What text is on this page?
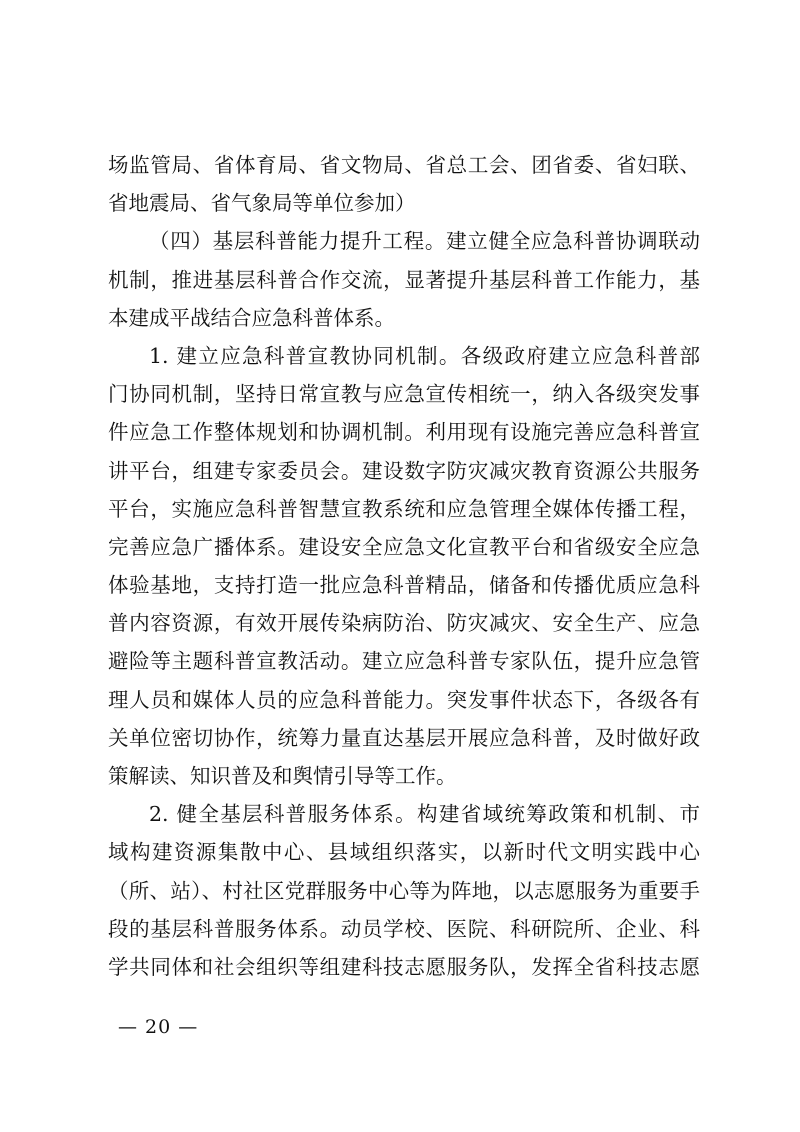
场监管局、省体育局、省文物局、省总工会、团省委、省妇联、
省地震局、省气象局等单位参加）
（四）基层科普能力提升工程。建立健全应急科普协调联动
机制，推进基层科普合作交流，显著提升基层科普工作能力，基
本建成平战结合应急科普体系。
1. 建立应急科普宣教协同机制。各级政府建立应急科普部
门协同机制，坚持日常宣教与应急宣传相统一，纳入各级突发事
件应急工作整体规划和协调机制。利用现有设施完善应急科普宣
讲平台，组建专家委员会。建设数字防灾减灾教育资源公共服务
平台，实施应急科普智慧宣教系统和应急管理全媒体传播工程，
完善应急广播体系。建设安全应急文化宣教平台和省级安全应急
体验基地，支持打造一批应急科普精品，储备和传播优质应急科
普内容资源，有效开展传染病防治、防灾减灾、安全生产、应急
避险等主题科普宣教活动。建立应急科普专家队伍，提升应急管
理人员和媒体人员的应急科普能力。突发事件状态下，各级各有
关单位密切协作，统筹力量直达基层开展应急科普，及时做好政
策解读、知识普及和舆情引导等工作。
2. 健全基层科普服务体系。构建省域统筹政策和机制、市
域构建资源集散中心、县域组织落实，以新时代文明实践中心
（所、站）、村社区党群服务中心等为阵地，以志愿服务为重要手
段的基层科普服务体系。动员学校、医院、科研院所、企业、科
学共同体和社会组织等组建科技志愿服务队，发挥全省科技志愿
— 20 —
